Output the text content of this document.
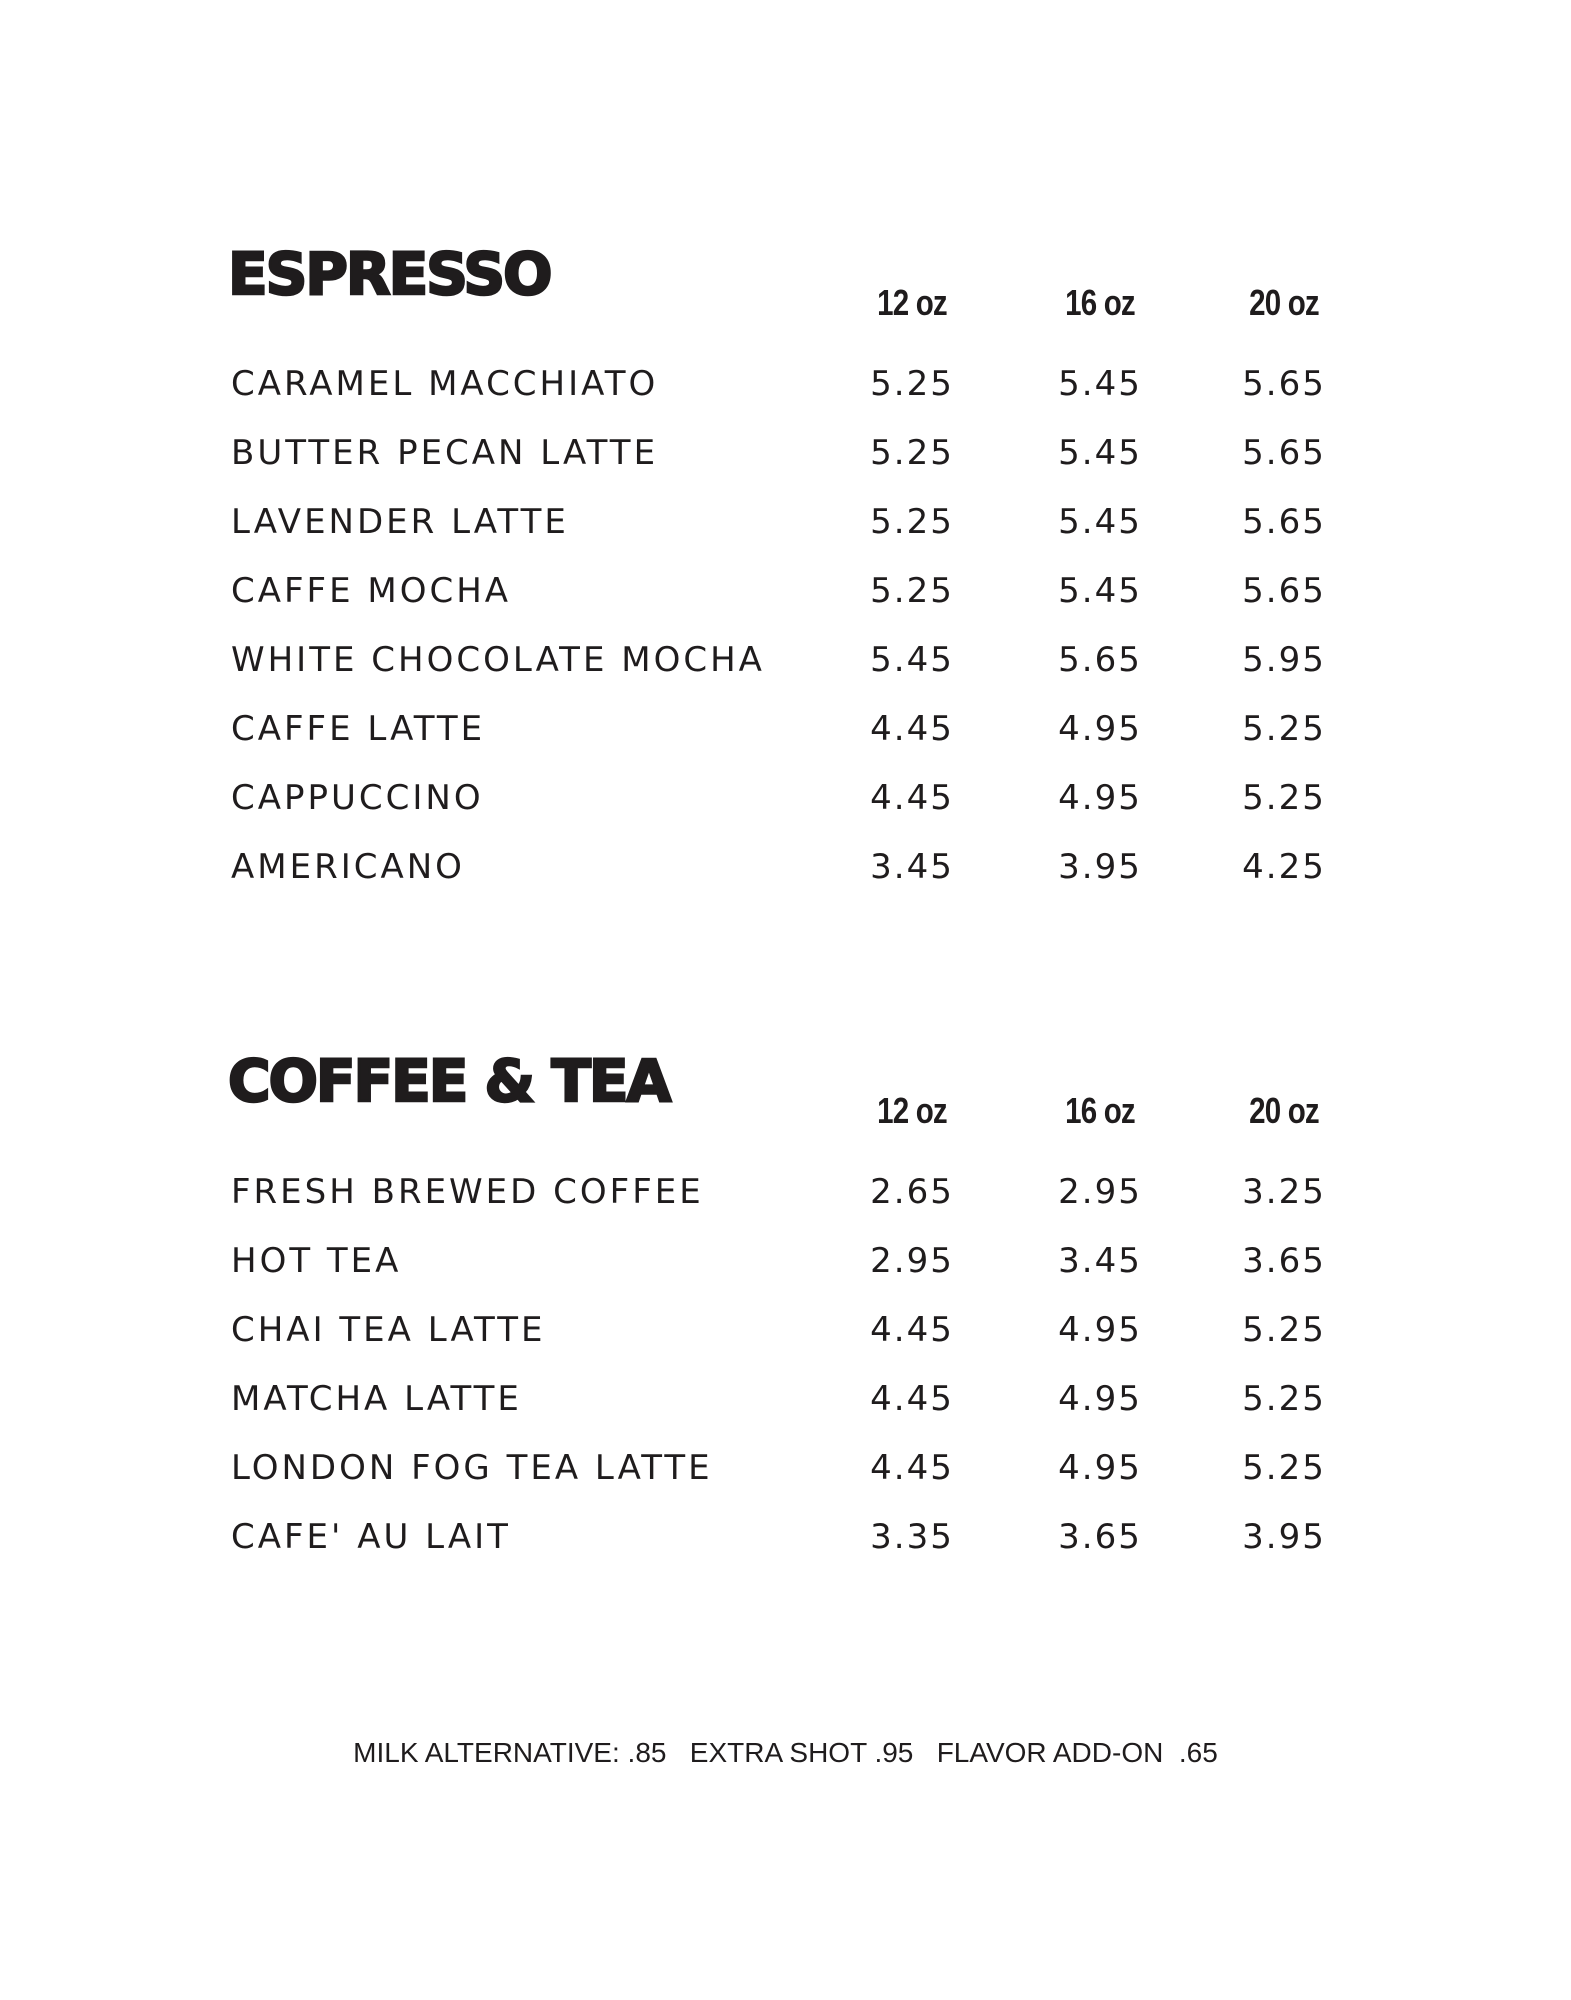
ESPRESSO	12 oz	16 oz	20 oz
CARAMEL MACCHIATO	5.25	5.45	5.65
BUTTER PECAN LATTE	5.25	5.45	5.65
LAVENDER LATTE	5.25	5.45	5.65
CAFFE MOCHA	5.25	5.45	5.65
WHITE CHOCOLATE MOCHA	5.45	5.65	5.95
CAFFE LATTE	4.45	4.95	5.25
CAPPUCCINO	4.45	4.95	5.25
AMERICANO	3.45	3.95	4.25
COFFEE & TEA	12 oz	16 oz	20 oz
FRESH BREWED COFFEE	2.65	2.95	3.25
HOT TEA	2.95	3.45	3.65
CHAI TEA LATTE	4.45	4.95	5.25
MATCHA LATTE	4.45	4.95	5.25
LONDON FOG TEA LATTE	4.45	4.95	5.25
CAFE' AU LAIT	3.35	3.65	3.95
MILK ALTERNATIVE: .85   EXTRA SHOT .95   FLAVOR ADD-ON  .65
